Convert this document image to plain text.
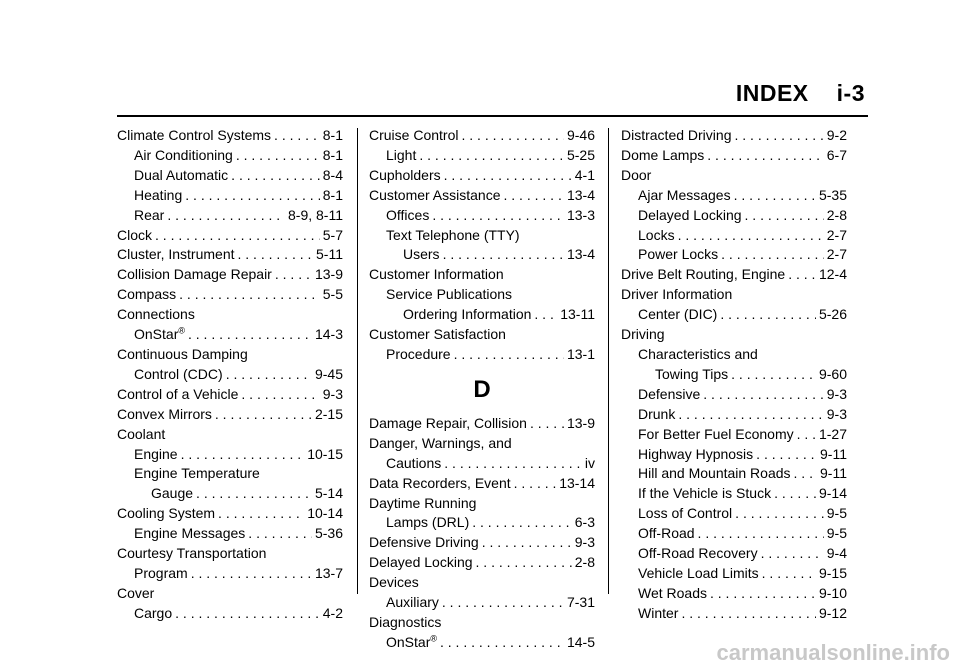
INDEX i-3
Climate Control Systems . . .	8-1
Air Conditioning . . .	8-1
Dual Automatic . . .	8-4
Heating . . .	8-1
Rear . . .	8-9, 8-11
Clock . . .	5-7
Cluster, Instrument . . .	5-11
Collision Damage Repair . . .	13-9
Compass . . .	5-5
Connections
OnStar® . . .	14-3
Continuous Damping
Control (CDC) . . .	9-45
Control of a Vehicle . . .	9-3
Convex Mirrors . . .	2-15
Coolant
Engine . . .	10-15
Engine Temperature
Gauge . . .	5-14
Cooling System . . .	10-14
Engine Messages . . .	5-36
Courtesy Transportation
Program . . .	13-7
Cover
Cargo . . .	4-2
Cruise Control . . .	9-46
Light . . .	5-25
Cupholders . . .	4-1
Customer Assistance . . .	13-4
Offices . . .	13-3
Text Telephone (TTY)
Users . . .	13-4
Customer Information
Service Publications
Ordering Information . . . 13-11
Customer Satisfaction
Procedure . . .	13-1
D
Damage Repair, Collision . . .	13-9
Danger, Warnings, and
Cautions . . .	iv
Data Recorders, Event . . .	13-14
Daytime Running
Lamps (DRL) . . .	6-3
Defensive Driving . . .	9-3
Delayed Locking . . .	2-8
Devices
Auxiliary . . .	7-31
Diagnostics
OnStar® . . .	14-5
Distracted Driving . . .	9-2
Dome Lamps . . .	6-7
Door
Ajar Messages . . .	5-35
Delayed Locking . . .	2-8
Locks . . .	2-7
Power Locks . . .	2-7
Drive Belt Routing, Engine . . . 12-4
Driver Information
Center (DIC) . . .	5-26
Driving
Characteristics and
Towing Tips . . .	9-60
Defensive . . .	9-3
Drunk . . .	9-3
For Better Fuel Economy . . . 1-27
Highway Hypnosis . . .	9-11
Hill and Mountain Roads . . . 9-11
If the Vehicle is Stuck . . .	9-14
Loss of Control . . .	9-5
Off-Road . . .	9-5
Off-Road Recovery . . .	9-4
Vehicle Load Limits . . .	9-15
Wet Roads . . .	9-10
Winter . . .	9-12
carmanualsonline.info
